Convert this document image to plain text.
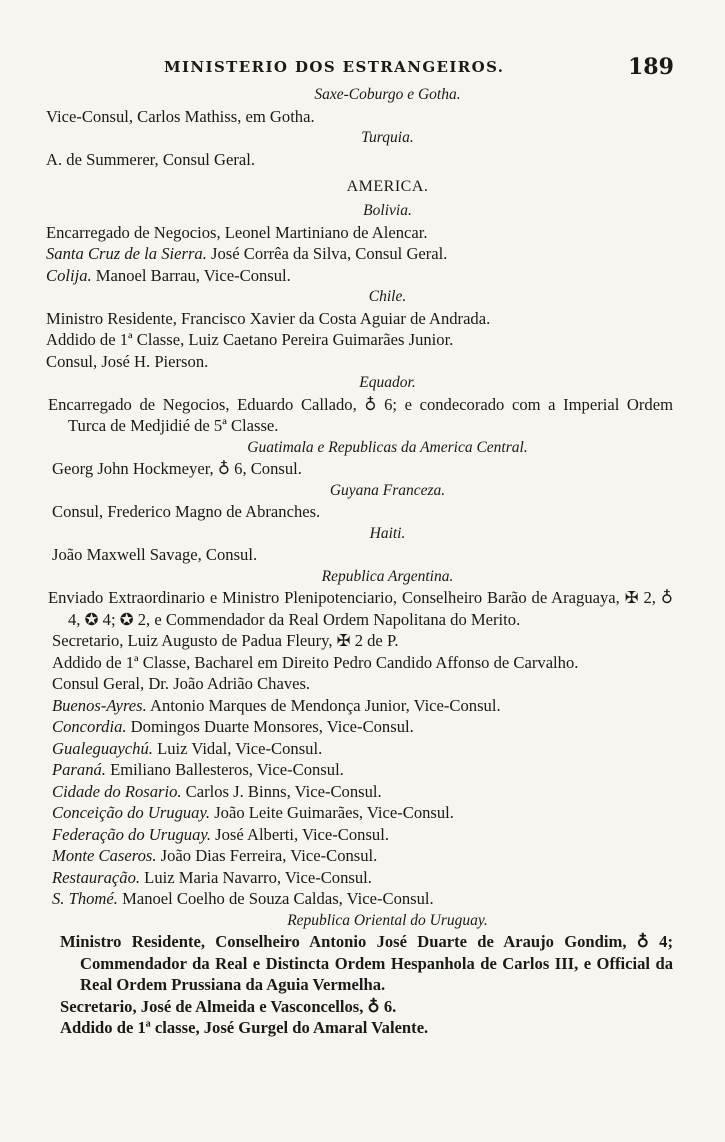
MINISTERIO DOS ESTRANGEIROS.	189
Saxe-Coburgo e Gotha.
Vice-Consul, Carlos Mathiss, em Gotha.
Turquia.
A. de Summerer, Consul Geral.
AMERICA.
Bolivia.
Encarregado de Negocios, Leonel Martiniano de Alencar.
Santa Cruz de la Sierra. José Corrêa da Silva, Consul Geral.
Colija. Manoel Barrau, Vice-Consul.
Chile.
Ministro Residente, Francisco Xavier da Costa Aguiar de Andrada.
Addido de 1ª Classe, Luiz Caetano Pereira Guimarães Junior.
Consul, José H. Pierson.
Equador.
Encarregado de Negocios, Eduardo Callado, ♁ 6; e condecorado com a Imperial Ordem Turca de Medjidié de 5ª Classe.
Guatimala e Republicas da America Central.
Georg John Hockmeyer, ♁ 6, Consul.
Guyana Franceza.
Consul, Frederico Magno de Abranches.
Haiti.
João Maxwell Savage, Consul.
Republica Argentina.
Enviado Extraordinario e Ministro Plenipotenciario, Conselheiro Barão de Araguaya, ✠ 2, ♁ 4, ✪ 4; ✪ 2, e Commendador da Real Ordem Napolitana do Merito.
Secretario, Luiz Augusto de Padua Fleury, ✠ 2 de P.
Addido de 1ª Classe, Bacharel em Direito Pedro Candido Affonso de Carvalho.
Consul Geral, Dr. João Adrião Chaves.
Buenos-Ayres. Antonio Marques de Mendonça Junior, Vice-Consul.
Concordia. Domingos Duarte Monsores, Vice-Consul.
Gualeguaychú. Luiz Vidal, Vice-Consul.
Paraná. Emiliano Ballesteros, Vice-Consul.
Cidade do Rosario. Carlos J. Binns, Vice-Consul.
Conceição do Uruguay. João Leite Guimarães, Vice-Consul.
Federação do Uruguay. José Alberti, Vice-Consul.
Monte Caseros. João Dias Ferreira, Vice-Consul.
Restauração. Luiz Maria Navarro, Vice-Consul.
S. Thomé. Manoel Coelho de Souza Caldas, Vice-Consul.
Republica Oriental do Uruguay.
Ministro Residente, Conselheiro Antonio José Duarte de Araujo Gondim, ♁ 4; Commendador da Real e Distincta Ordem Hespanhola de Carlos III, e Official da Real Ordem Prussiana da Aguia Vermelha.
Secretario, José de Almeida e Vasconcellos, ♁ 6.
Addido de 1ª classe, José Gurgel do Amaral Valente.
